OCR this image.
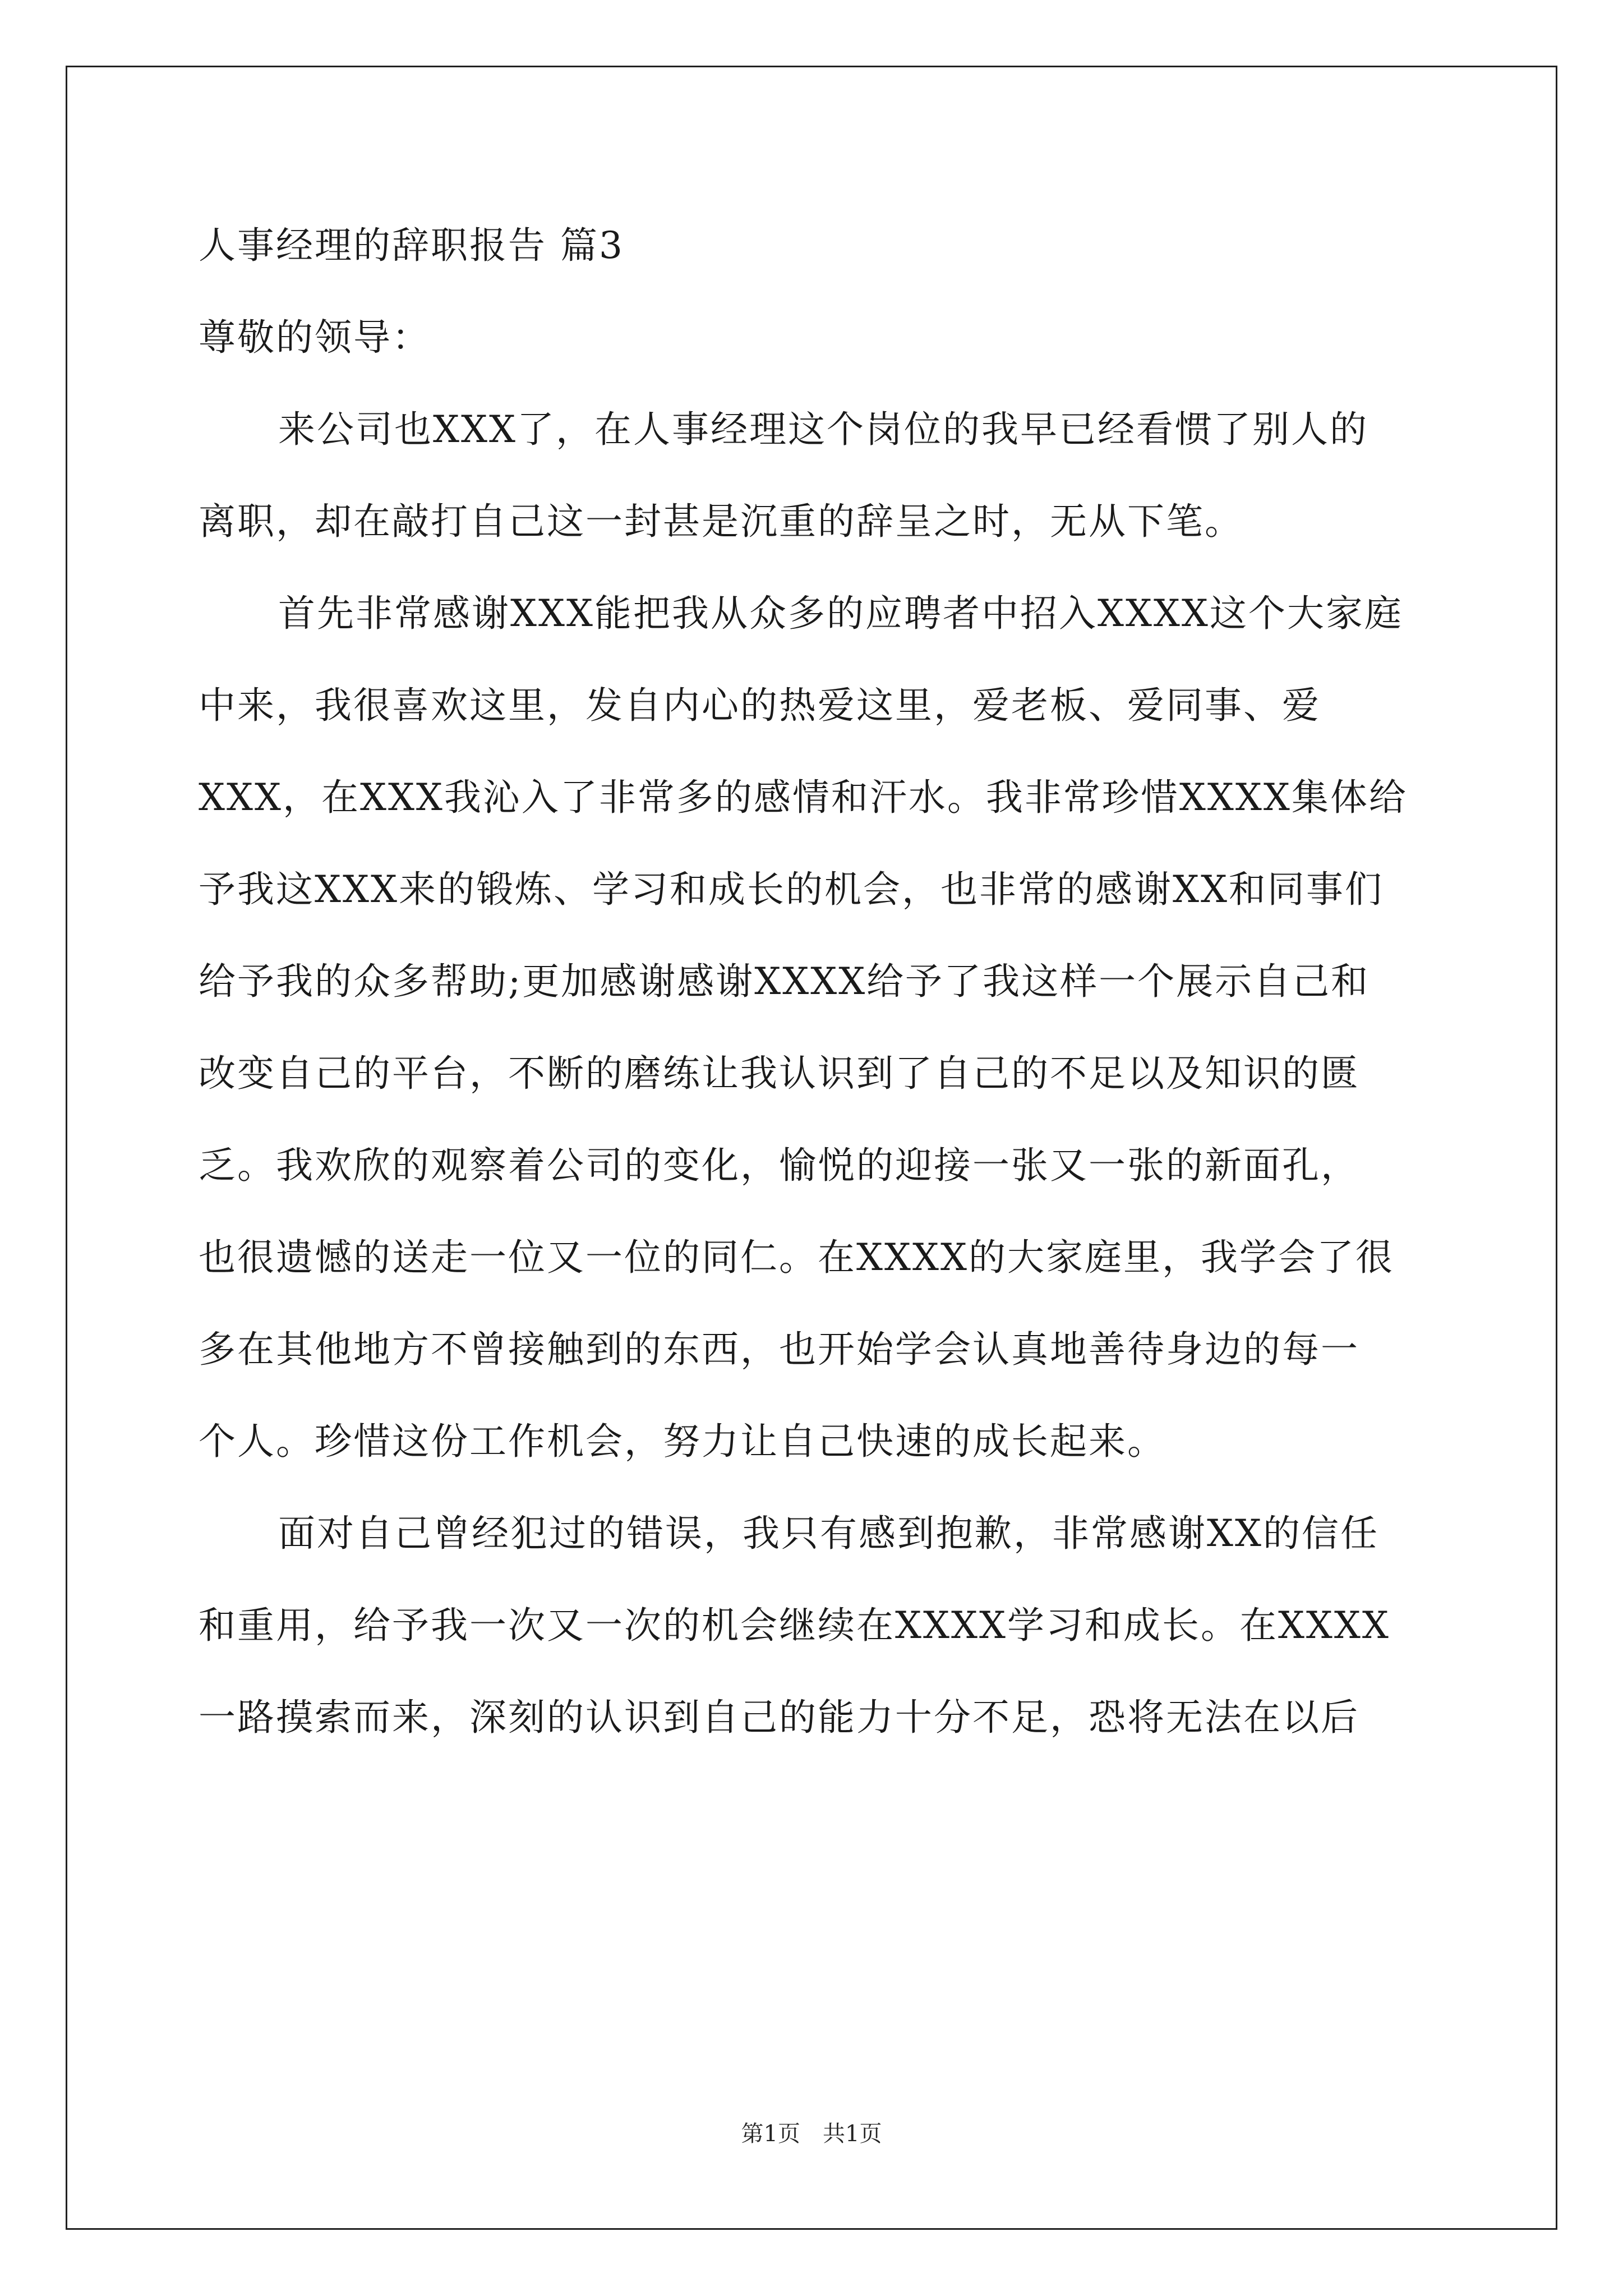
人事经理的辞职报告 篇3
尊敬的领导：
来公司也XXX了，在人事经理这个岗位的我早已经看惯了别人的
离职，却在敲打自己这一封甚是沉重的辞呈之时，无从下笔。
首先非常感谢XXX能把我从众多的应聘者中招入XXXX这个大家庭
中来，我很喜欢这里，发自内心的热爱这里，爱老板、爱同事、爱
XXX，在XXX我沁入了非常多的感情和汗水。我非常珍惜XXXX集体给
予我这XXX来的锻炼、学习和成长的机会，也非常的感谢XX和同事们
给予我的众多帮助;更加感谢感谢XXXX给予了我这样一个展示自己和
改变自己的平台，不断的磨练让我认识到了自己的不足以及知识的匮
乏。我欢欣的观察着公司的变化，愉悦的迎接一张又一张的新面孔，
也很遗憾的送走一位又一位的同仁。在XXXX的大家庭里，我学会了很
多在其他地方不曾接触到的东西，也开始学会认真地善待身边的每一
个人。珍惜这份工作机会，努力让自己快速的成长起来。
面对自己曾经犯过的错误，我只有感到抱歉，非常感谢XX的信任
和重用，给予我一次又一次的机会继续在XXXX学习和成长。在XXXX
一路摸索而来，深刻的认识到自己的能力十分不足，恐将无法在以后
第1页　共1页
